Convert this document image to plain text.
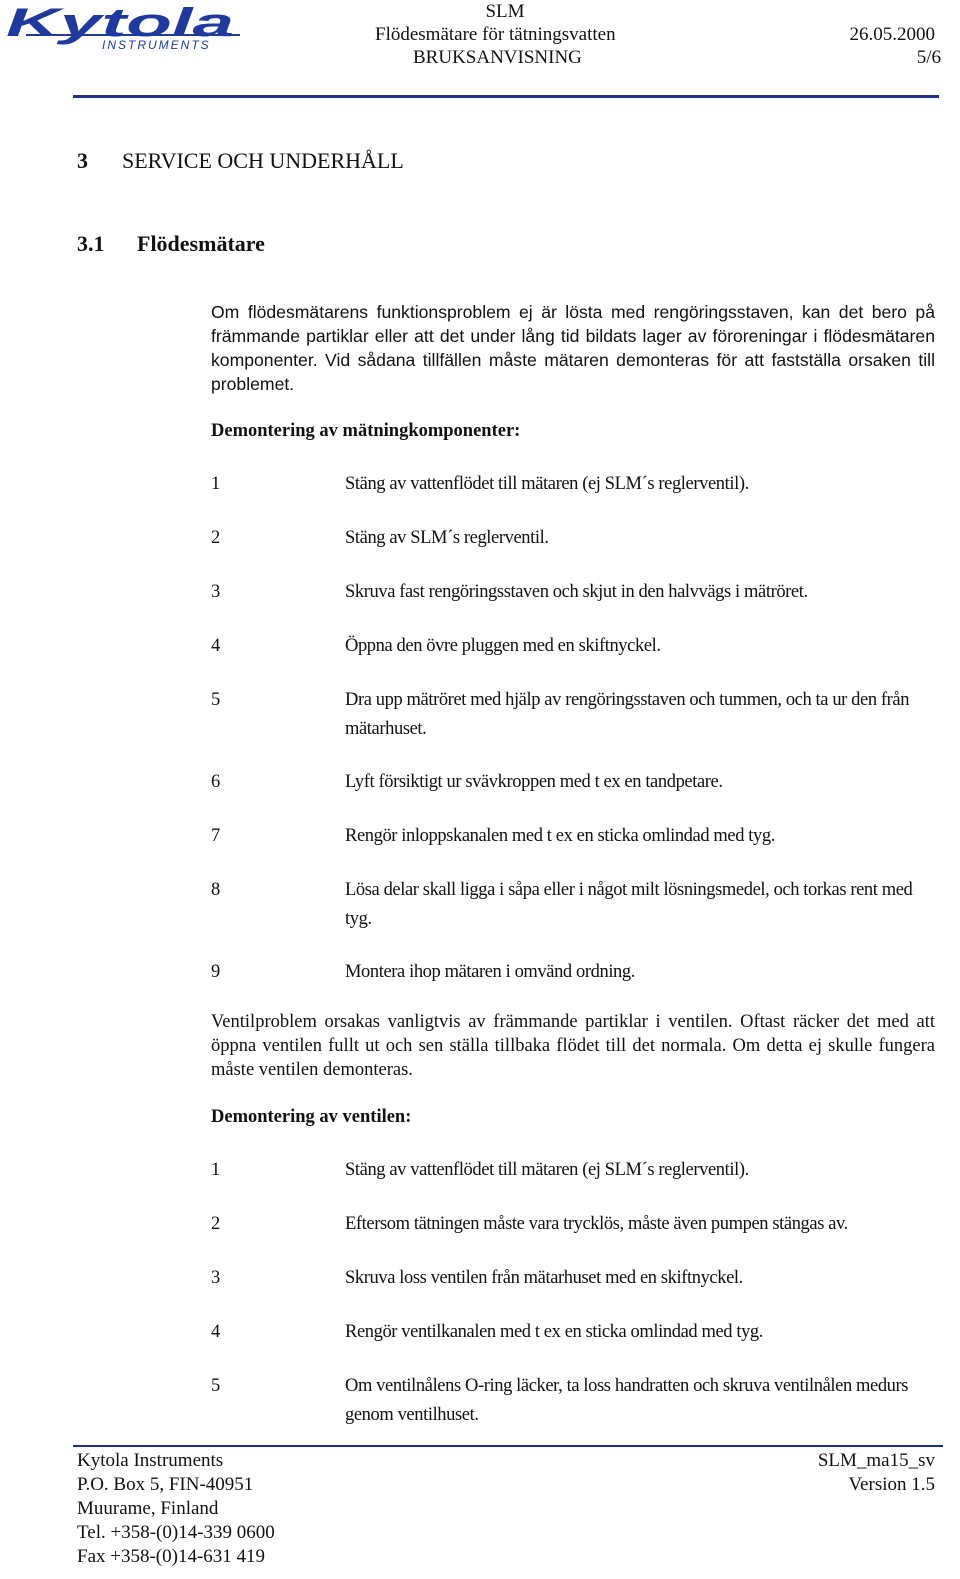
Kytola
INSTRUMENTS
SLM
Flödesmätare för tätningsvatten
BRUKSANVISNING
26.05.2000
5/6
3 SERVICE OCH UNDERHÅLL
3.1 Flödesmätare

Om flödesmätarens funktionsproblem ej är lösta med rengöringsstaven, kan det bero på främmande partiklar eller att det under lång tid bildats lager av föroreningar i flödesmätaren komponenter. Vid sådana tillfällen måste mätaren demonteras för att fastställa orsaken till problemet.

Demontering av mätningkomponenter:
1	Stäng av vattenflödet till mätaren (ej SLM´s reglerventil).
2	Stäng av SLM´s reglerventil.
3	Skruva fast rengöringsstaven och skjut in den halvvägs i mätröret.
4	Öppna den övre pluggen med en skiftnyckel.
5	Dra upp mätröret med hjälp av rengöringsstaven och tummen, och ta ur den från mätarhuset.
6	Lyft försiktigt ur svävkroppen med t ex en tandpetare.
7	Rengör inloppskanalen med t ex en sticka omlindad med tyg.
8	Lösa delar skall ligga i såpa eller i något milt lösningsmedel, och torkas rent med tyg.
9	Montera ihop mätaren i omvänd ordning.

Ventilproblem orsakas vanligtvis av främmande partiklar i ventilen. Oftast räcker det med att öppna ventilen fullt ut och sen ställa tillbaka flödet till det normala. Om detta ej skulle fungera måste ventilen demonteras.

Demontering av ventilen:
1	Stäng av vattenflödet till mätaren (ej SLM´s reglerventil).
2	Eftersom tätningen måste vara trycklös, måste även pumpen stängas av.
3	Skruva loss ventilen från mätarhuset med en skiftnyckel.
4	Rengör ventilkanalen med t ex en sticka omlindad med tyg.
5	Om ventilnålens O-ring läcker, ta loss handratten och skruva ventilnålen medurs genom ventilhuset.
Kytola Instruments
P.O. Box 5, FIN-40951
Muurame, Finland
Tel. +358-(0)14-339 0600
Fax +358-(0)14-631 419
SLM_ma15_sv
Version 1.5
